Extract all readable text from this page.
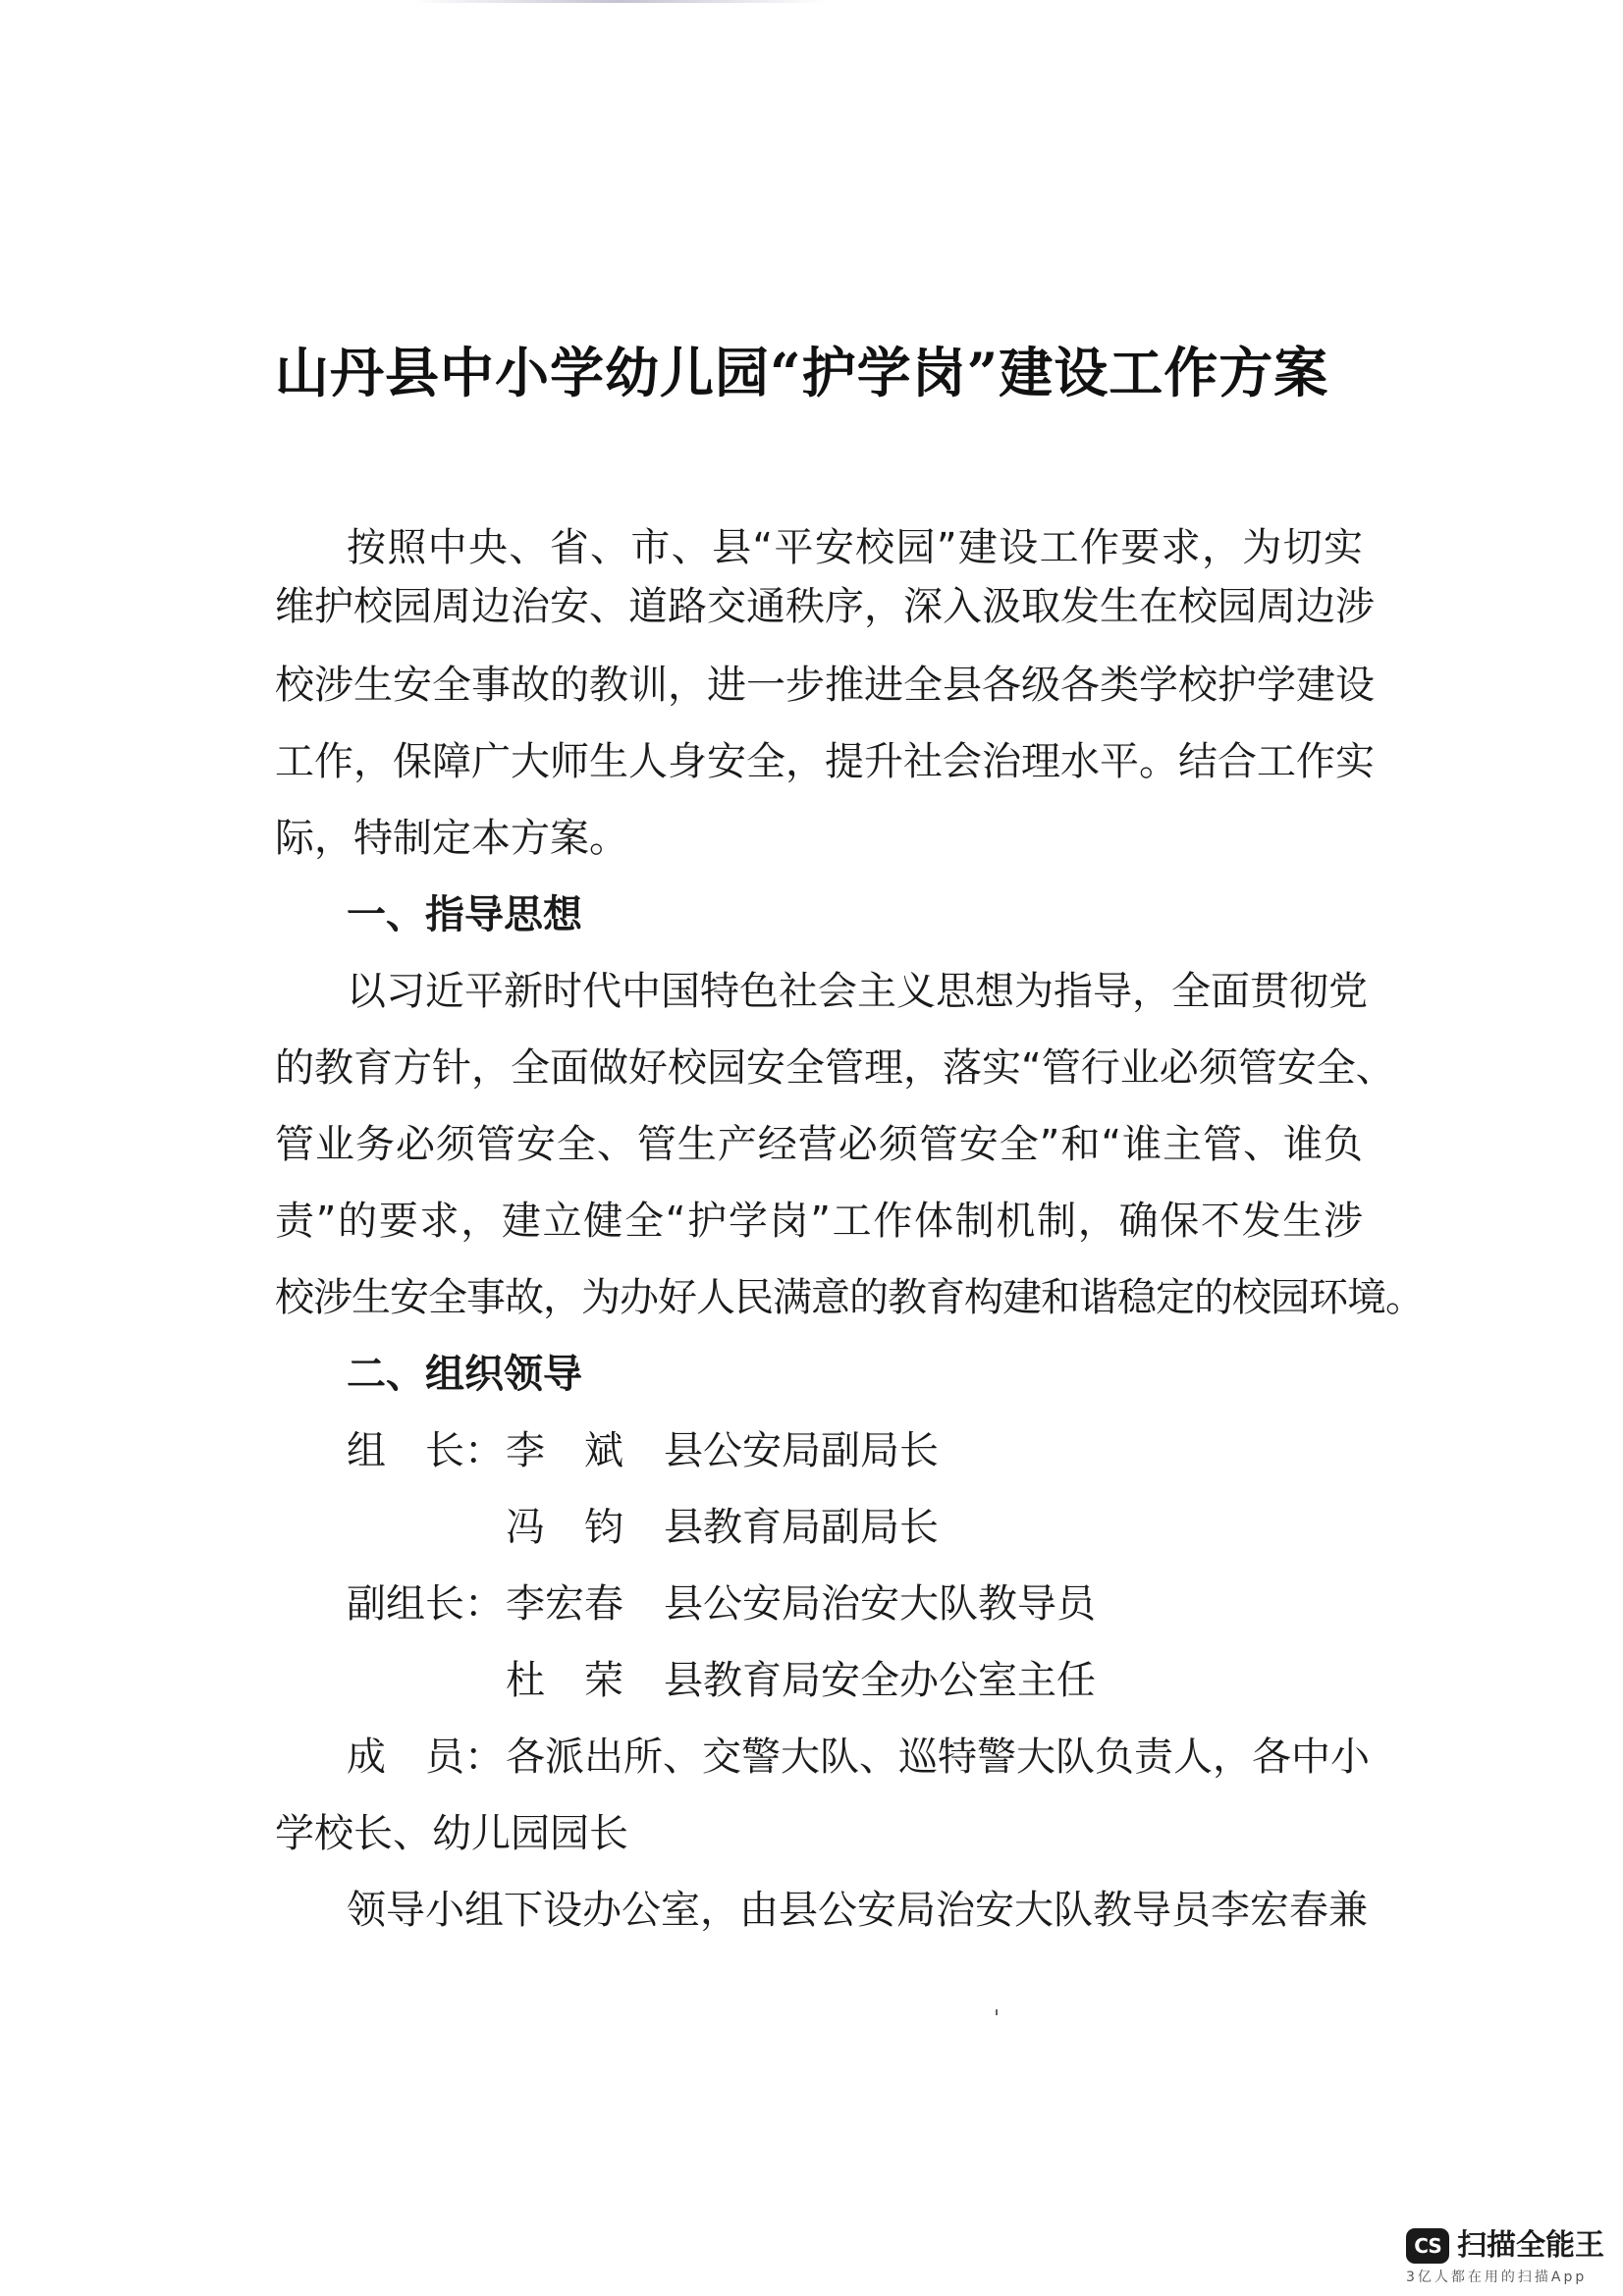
山丹县中小学幼儿园“护学岗”建设工作方案
按照中央、省、市、县“平安校园”建设工作要求，为切实
维护校园周边治安、道路交通秩序，深入汲取发生在校园周边涉
校涉生安全事故的教训，进一步推进全县各级各类学校护学建设
工作，保障广大师生人身安全，提升社会治理水平。结合工作实
际，特制定本方案。
一、指导思想
以习近平新时代中国特色社会主义思想为指导，全面贯彻党
的教育方针，全面做好校园安全管理，落实“管行业必须管安全、
管业务必须管安全、管生产经营必须管安全”和“谁主管、谁负
责”的要求，建立健全“护学岗”工作体制机制，确保不发生涉
校涉生安全事故，为办好人民满意的教育构建和谐稳定的校园环境。
二、组织领导
组　长： 李　斌 县公安局副局长
冯　钧 县教育局副局长
副组长： 李宏春 县公安局治安大队教导员
杜　荣 县教育局安全办公室主任
成　员： 各派出所、交警大队、巡特警大队负责人，各中小
学校长、幼儿园园长
领导小组下设办公室，由县公安局治安大队教导员李宏春兼
CS 扫描全能王
3亿人都在用的扫描App
